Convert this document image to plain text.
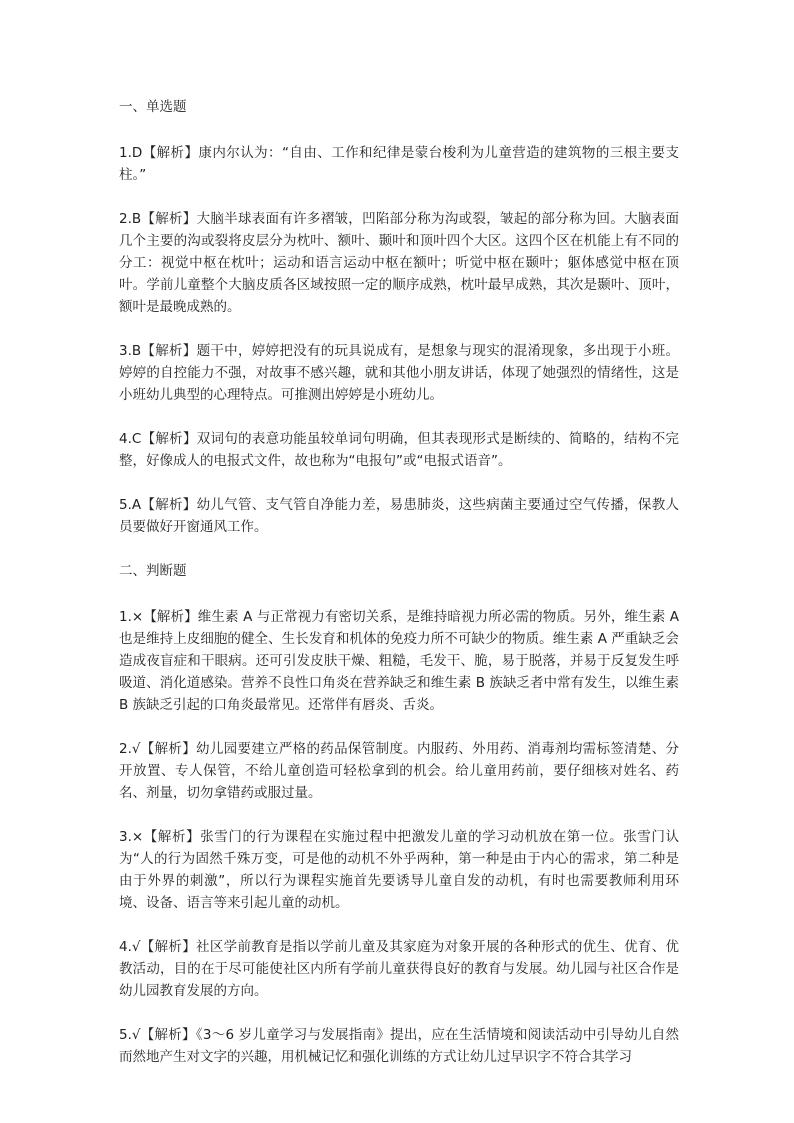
一、单选题
1.D【解析】康内尔认为：“自由、工作和纪律是蒙台梭利为儿童营造的建筑物的三根主要支柱。”
2.B【解析】大脑半球表面有许多褶皱，凹陷部分称为沟或裂，皱起的部分称为回。大脑表面几个主要的沟或裂将皮层分为枕叶、额叶、颞叶和顶叶四个大区。这四个区在机能上有不同的分工：视觉中枢在枕叶；运动和语言运动中枢在额叶；听觉中枢在颞叶；躯体感觉中枢在顶叶。学前儿童整个大脑皮质各区域按照一定的顺序成熟，枕叶最早成熟，其次是颞叶、顶叶，额叶是最晚成熟的。
3.B【解析】题干中，婷婷把没有的玩具说成有，是想象与现实的混淆现象，多出现于小班。婷婷的自控能力不强，对故事不感兴趣，就和其他小朋友讲话，体现了她强烈的情绪性，这是小班幼儿典型的心理特点。可推测出婷婷是小班幼儿。
4.C【解析】双词句的表意功能虽较单词句明确，但其表现形式是断续的、简略的，结构不完整，好像成人的电报式文件，故也称为“电报句”或“电报式语音”。
5.A【解析】幼儿气管、支气管自净能力差，易患肺炎，这些病菌主要通过空气传播，保教人员要做好开窗通风工作。
二、判断题
1.×【解析】维生素 A 与正常视力有密切关系，是维持暗视力所必需的物质。另外，维生素 A 也是维持上皮细胞的健全、生长发育和机体的免疫力所不可缺少的物质。维生素 A 严重缺乏会造成夜盲症和干眼病。还可引发皮肤干燥、粗糙，毛发干、脆，易于脱落，并易于反复发生呼吸道、消化道感染。营养不良性口角炎在营养缺乏和维生素 B 族缺乏者中常有发生，以维生素 B 族缺乏引起的口角炎最常见。还常伴有唇炎、舌炎。
2.√【解析】幼儿园要建立严格的药品保管制度。内服药、外用药、消毒剂均需标签清楚、分开放置、专人保管，不给儿童创造可轻松拿到的机会。给儿童用药前，要仔细核对姓名、药名、剂量，切勿拿错药或服过量。
3.×【解析】张雪门的行为课程在实施过程中把激发儿童的学习动机放在第一位。张雪门认为“人的行为固然千殊万变，可是他的动机不外乎两种，第一种是由于内心的需求，第二种是由于外界的刺激”，所以行为课程实施首先要诱导儿童自发的动机，有时也需要教师利用环境、设备、语言等来引起儿童的动机。
4.√【解析】社区学前教育是指以学前儿童及其家庭为对象开展的各种形式的优生、优育、优教活动，目的在于尽可能使社区内所有学前儿童获得良好的教育与发展。幼儿园与社区合作是幼儿园教育发展的方向。
5.√【解析】《3～6 岁儿童学习与发展指南》提出，应在生活情境和阅读活动中引导幼儿自然而然地产生对文字的兴趣，用机械记忆和强化训练的方式让幼儿过早识字不符合其学习
